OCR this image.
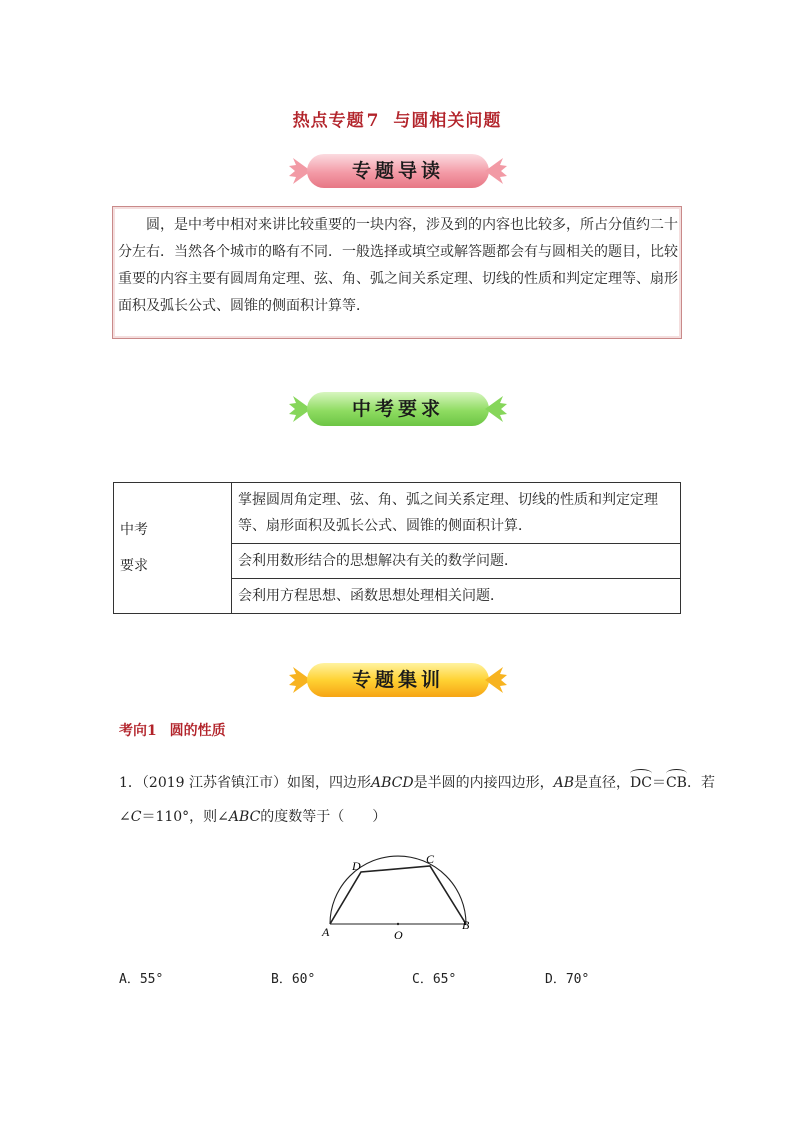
热点专题 7 与圆相关问题
专题导读
圆，是中考中相对来讲比较重要的一块内容，涉及到的内容也比较多，所占分值约二十分左右．当然各个城市的略有不同．一般选择或填空或解答题都会有与圆相关的题目，比较重要的内容主要有圆周角定理、弦、角、弧之间关系定理、切线的性质和判定定理等、扇形面积及弧长公式、圆锥的侧面积计算等．
中考要求
中考
要求
	掌握圆周角定理、弦、角、弧之间关系定理、切线的性质和判定定理等、扇形面积及弧长公式、圆锥的侧面积计算．
会利用数形结合的思想解决有关的数学问题．
会利用方程思想、函数思想处理相关问题．
专题集训
考向1 圆的性质
1．（2019 江苏省镇江市）如图，四边形ABCD是半圆的内接四边形，AB是直径，DC＝CB．若
∠C＝110°，则∠ABC的度数等于（　　）
A	B
C
D
O
A．55°	B．60°	C．65°	D．70°
